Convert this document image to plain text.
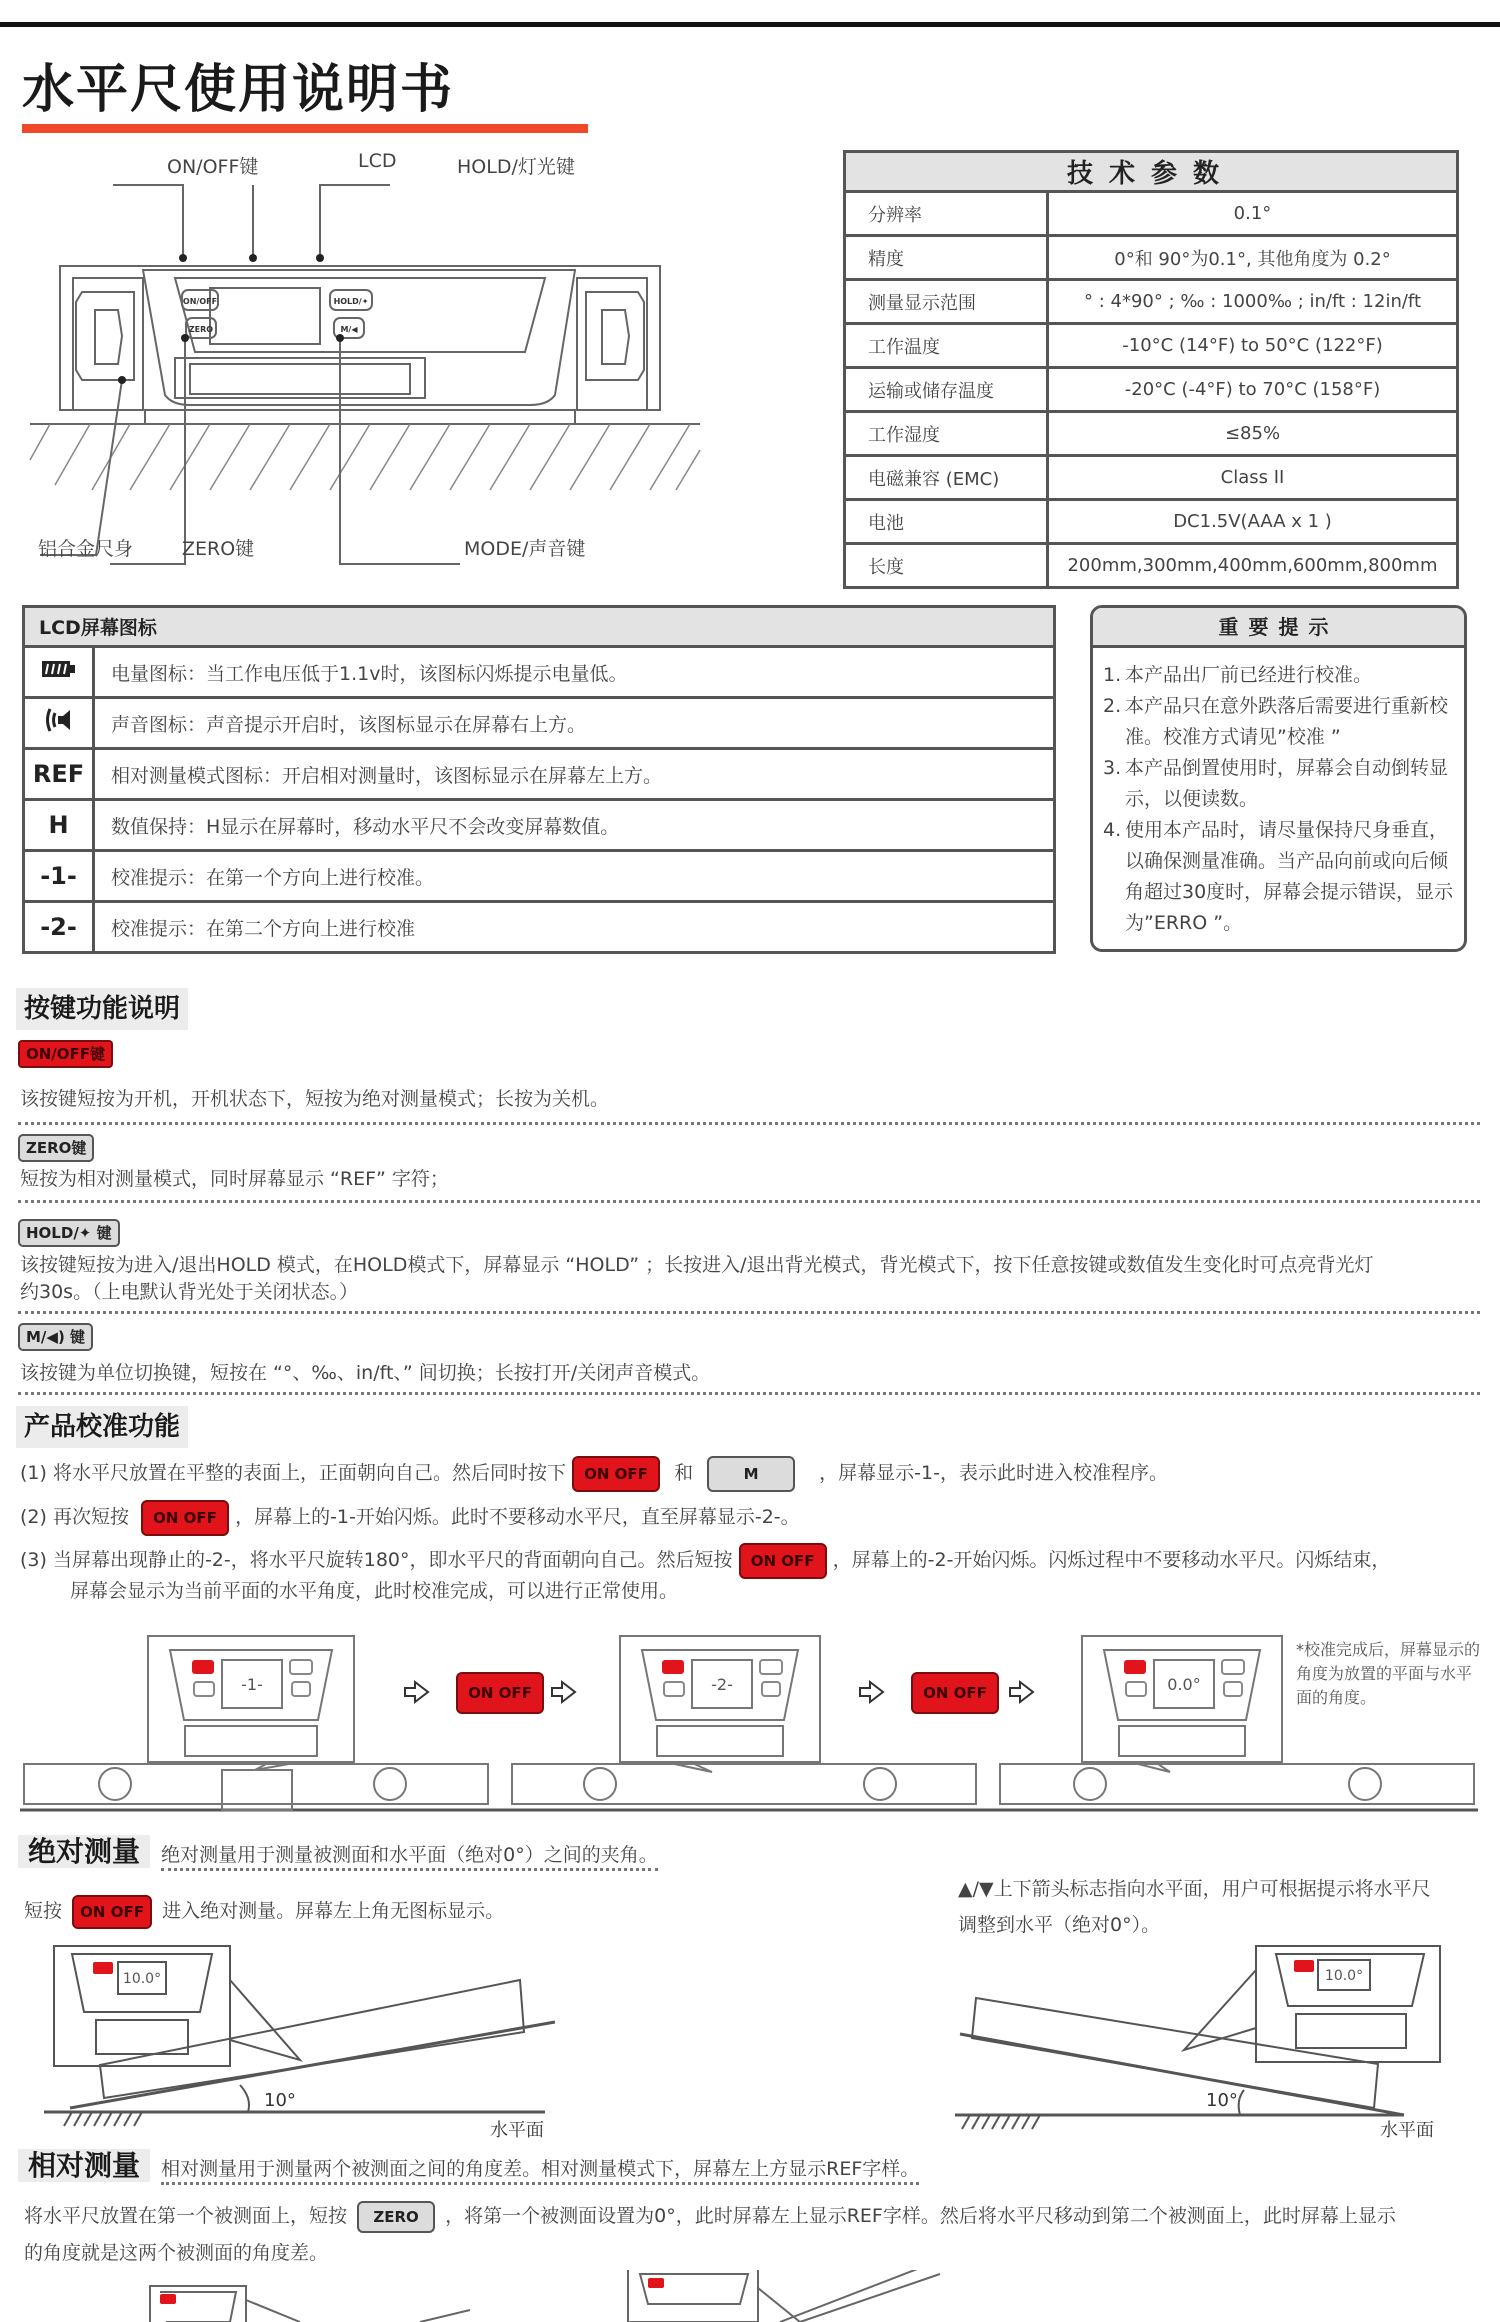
水平尺使用说明书
ON/OFF
ZERO
HOLD/✦
M/◀
ON/OFF键	LCD	HOLD/灯光键
铝合金尺身	ZERO键	MODE/声音键
技术参数	
分辨率	0.1°
精度	0°和 90°为0.1°, 其他角度为 0.2°
测量显示范围	° : 4*90° ; ‰ : 1000‰ ; in/ft : 12in/ft
工作温度	-10°C (14°F) to 50°C (122°F)
运输或储存温度	-20°C (-4°F) to 70°C (158°F)
工作湿度	≤85%
电磁兼容 (EMC)	Class II
电池	DC1.5V(AAA x 1 )
长度	200mm,300mm,400mm,600mm,800mm
LCD屏幕图标	
	电量图标：当工作电压低于1.1v时，该图标闪烁提示电量低。
	声音图标：声音提示开启时，该图标显示在屏幕右上方。
REF	相对测量模式图标：开启相对测量时，该图标显示在屏幕左上方。
H	数值保持：H显示在屏幕时，移动水平尺不会改变屏幕数值。
-1-	校准提示：在第一个方向上进行校准。
-2-	校准提示：在第二个方向上进行校准
重要提示
1. 本产品出厂前已经进行校准。
2. 本产品只在意外跌落后需要进行重新校准。校准方式请见”校准 ”
3. 本产品倒置使用时，屏幕会自动倒转显示，以便读数。
4. 使用本产品时，请尽量保持尺身垂直，以确保测量准确。当产品向前或向后倾角超过30度时，屏幕会提示错误，显示为”ERRO ”。
按键功能说明
ON/OFF键
该按键短按为开机，开机状态下，短按为绝对测量模式；长按为关机。
ZERO键
短按为相对测量模式，同时屏幕显示 “REF” 字符；
HOLD/✦ 键
该按键短按为进入/退出HOLD 模式，在HOLD模式下，屏幕显示 “HOLD” ；长按进入/退出背光模式，背光模式下，按下任意按键或数值发生变化时可点亮背光灯
约30s。（上电默认背光处于关闭状态。）
M/◀) 键
该按键为单位切换键，短按在 “°、‰、in/ft、” 间切换；长按打开/关闭声音模式。
产品校准功能
(1) 将水平尺放置在平整的表面上，正面朝向自己。然后同时按下 ON OFF 和	M	，屏幕显示-1-，表示此时进入校准程序。
(2) 再次短按 ON OFF ，屏幕上的-1-开始闪烁。此时不要移动水平尺，直至屏幕显示-2-。
(3) 当屏幕出现静止的-2-，将水平尺旋转180°，即水平尺的背面朝向自己。然后短按 ON OFF ，屏幕上的-2-开始闪烁。闪烁过程中不要移动水平尺。闪烁结束，
屏幕会显示为当前平面的水平角度，此时校准完成，可以进行正常使用。
-1-	-2-	0.0°
ON OFF	ON OFF
*校准完成后，屏幕显示的角度为放置的平面与水平面的角度。
绝对测量 绝对测量用于测量被测面和水平面（绝对0°）之间的夹角。
短按 ON OFF 进入绝对测量。屏幕左上角无图标显示。
▲/▼上下箭头标志指向水平面，用户可根据提示将水平尺
调整到水平（绝对0°）。
10.0°	10.0°
10°	10°
水平面	水平面
相对测量 相对测量用于测量两个被测面之间的角度差。相对测量模式下，屏幕左上方显示REF字样。
将水平尺放置在第一个被测面上，短按 ZERO ，将第一个被测面设置为0°，此时屏幕左上显示REF字样。然后将水平尺移动到第二个被测面上，此时屏幕上显示
的角度就是这两个被测面的角度差。
